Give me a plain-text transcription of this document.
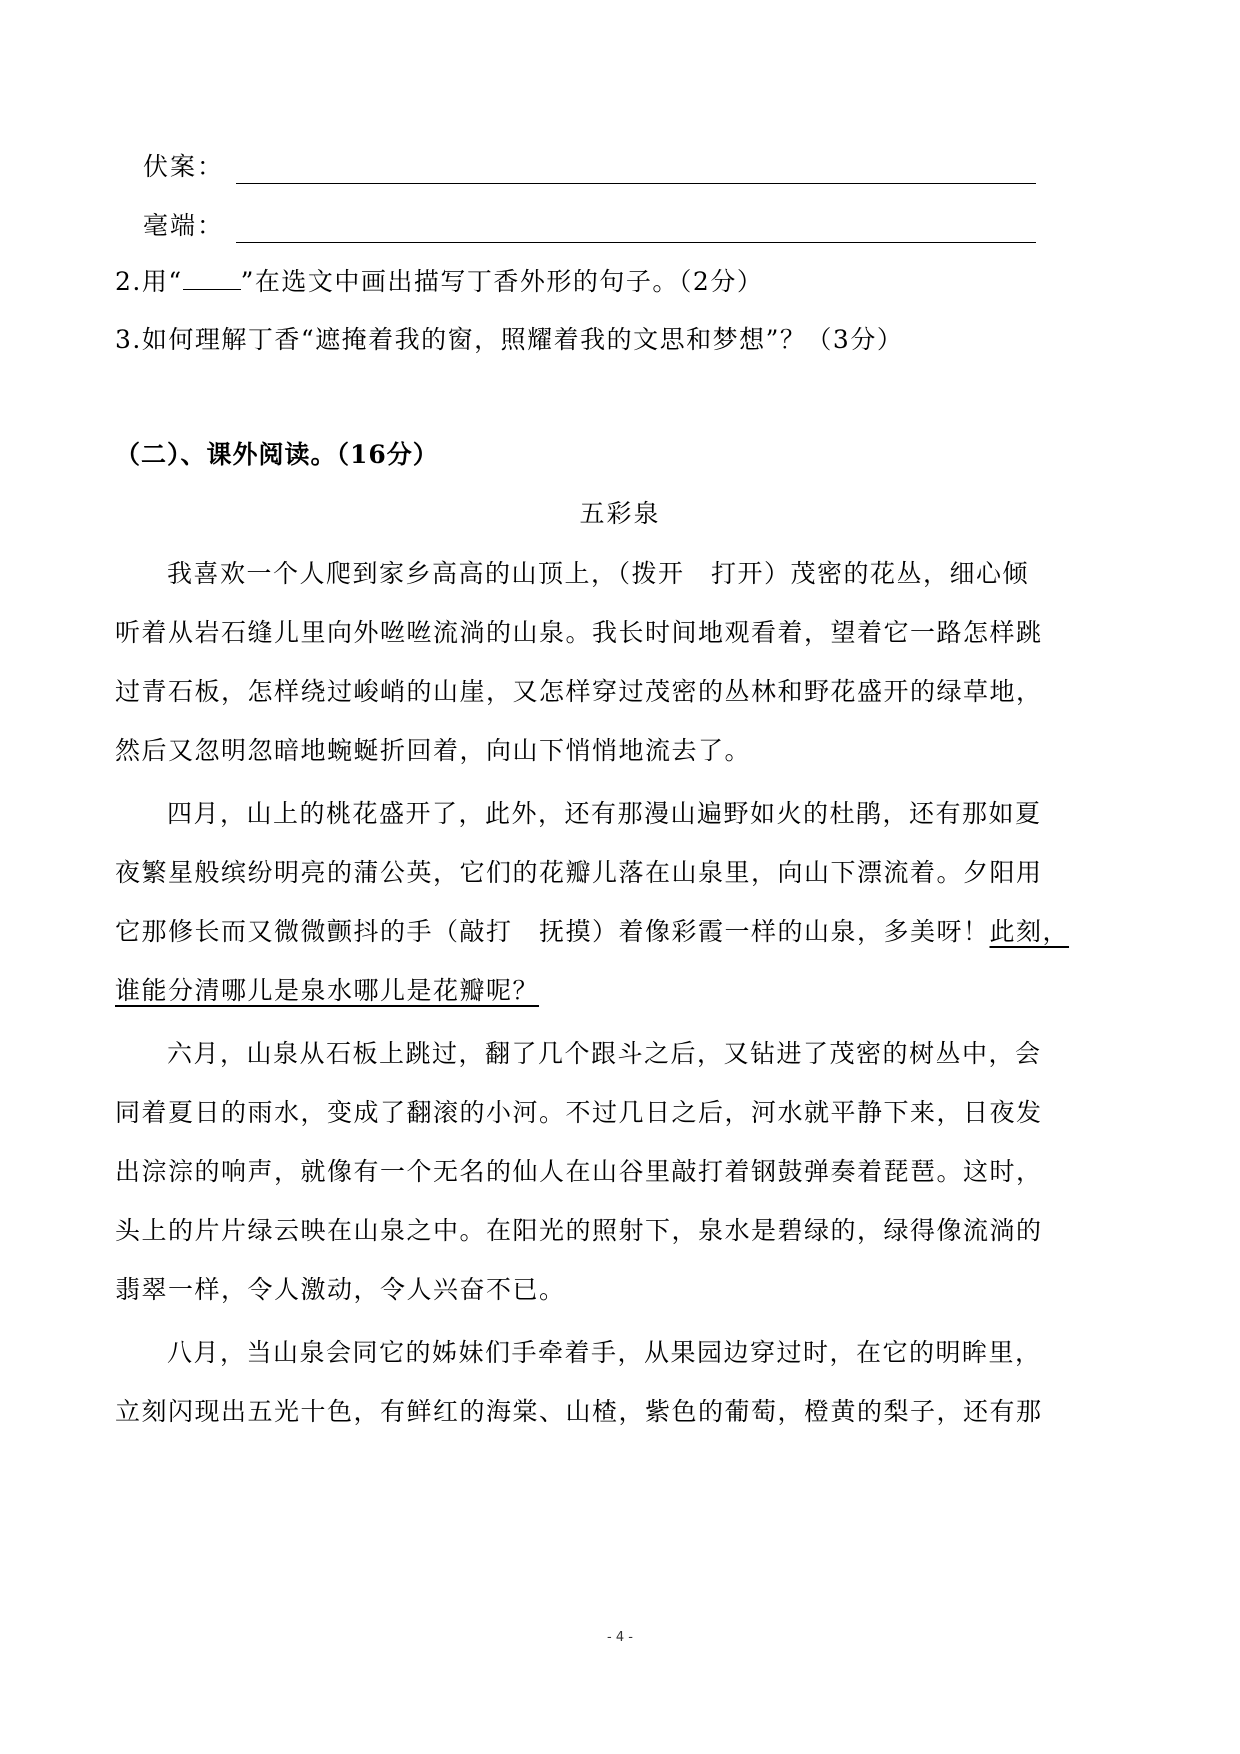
伏案：
毫端：
2.用“ ”在选文中画出描写丁香外形的句子。（2分）
3.如何理解丁香“遮掩着我的窗，照耀着我的文思和梦想”？（3分）
（二）、课外阅读。（16分）
五彩泉
我喜欢一个人爬到家乡高高的山顶上，（拨开　打开）茂密的花丛，细心倾
听着从岩石缝儿里向外咝咝流淌的山泉。我长时间地观看着，望着它一路怎样跳
过青石板，怎样绕过峻峭的山崖，又怎样穿过茂密的丛林和野花盛开的绿草地，
然后又忽明忽暗地蜿蜒折回着，向山下悄悄地流去了。
四月，山上的桃花盛开了，此外，还有那漫山遍野如火的杜鹃，还有那如夏
夜繁星般缤纷明亮的蒲公英，它们的花瓣儿落在山泉里，向山下漂流着。夕阳用
它那修长而又微微颤抖的手（敲打　抚摸）着像彩霞一样的山泉，多美呀！此刻，
谁能分清哪儿是泉水哪儿是花瓣呢？
六月，山泉从石板上跳过，翻了几个跟斗之后，又钻进了茂密的树丛中，会
同着夏日的雨水，变成了翻滚的小河。不过几日之后，河水就平静下来，日夜发
出淙淙的响声，就像有一个无名的仙人在山谷里敲打着钢鼓弹奏着琵琶。这时，
头上的片片绿云映在山泉之中。在阳光的照射下，泉水是碧绿的，绿得像流淌的
翡翠一样，令人激动，令人兴奋不已。
八月，当山泉会同它的姊妹们手牵着手，从果园边穿过时，在它的明眸里，
立刻闪现出五光十色，有鲜红的海棠、山楂，紫色的葡萄，橙黄的梨子，还有那
- 4 -
